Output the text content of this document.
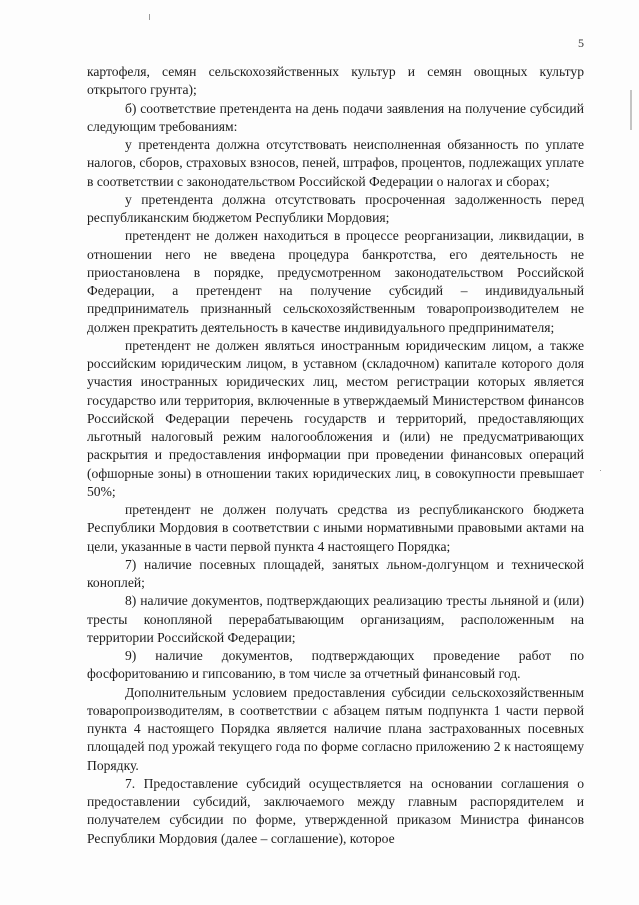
5

картофеля, семян сельскохозяйственных культур и семян овощных культур открытого грунта);

б) соответствие претендента на день подачи заявления на получение субсидий следующим требованиям:

у претендента должна отсутствовать неисполненная обязанность по уплате налогов, сборов, страховых взносов, пеней, штрафов, процентов, подлежащих уплате в соответствии с законодательством Российской Федерации о налогах и сборах;

у претендента должна отсутствовать просроченная задолженность перед республиканским бюджетом Республики Мордовия;

претендент не должен находиться в процессе реорганизации, ликвидации, в отношении него не введена процедура банкротства, его деятельность не приостановлена в порядке, предусмотренном законодательством Российской Федерации, а претендент на получение субсидий – индивидуальный предприниматель признанный сельскохозяйственным товаропроизводителем не должен прекратить деятельность в качестве индивидуального предпринимателя;

претендент не должен являться иностранным юридическим лицом, а также российским юридическим лицом, в уставном (складочном) капитале которого доля участия иностранных юридических лиц, местом регистрации которых является государство или территория, включенные в утверждаемый Министерством финансов Российской Федерации перечень государств и территорий, предоставляющих льготный налоговый режим налогообложения и (или) не предусматривающих раскрытия и предоставления информации при проведении финансовых операций (офшорные зоны) в отношении таких юридических лиц, в совокупности превышает 50%;

претендент не должен получать средства из республиканского бюджета Республики Мордовия в соответствии с иными нормативными правовыми актами на цели, указанные в части первой пункта 4 настоящего Порядка;

7) наличие посевных площадей, занятых льном-долгунцом и технической коноплей;

8) наличие документов, подтверждающих реализацию тресты льняной и (или) тресты конопляной перерабатывающим организациям, расположенным на территории Российской Федерации;

9) наличие документов, подтверждающих проведение работ по фосфоритованию и гипсованию, в том числе за отчетный финансовый год.

Дополнительным условием предоставления субсидии сельскохозяйственным товаропроизводителям, в соответствии с абзацем пятым подпункта 1 части первой пункта 4 настоящего Порядка является наличие плана застрахованных посевных площадей под урожай текущего года по форме согласно приложению 2 к настоящему Порядку.

7. Предоставление субсидий осуществляется на основании соглашения о предоставлении субсидий, заключаемого между главным распорядителем и получателем субсидии по форме, утвержденной приказом Министра финансов Республики Мордовия (далее – соглашение), которое
